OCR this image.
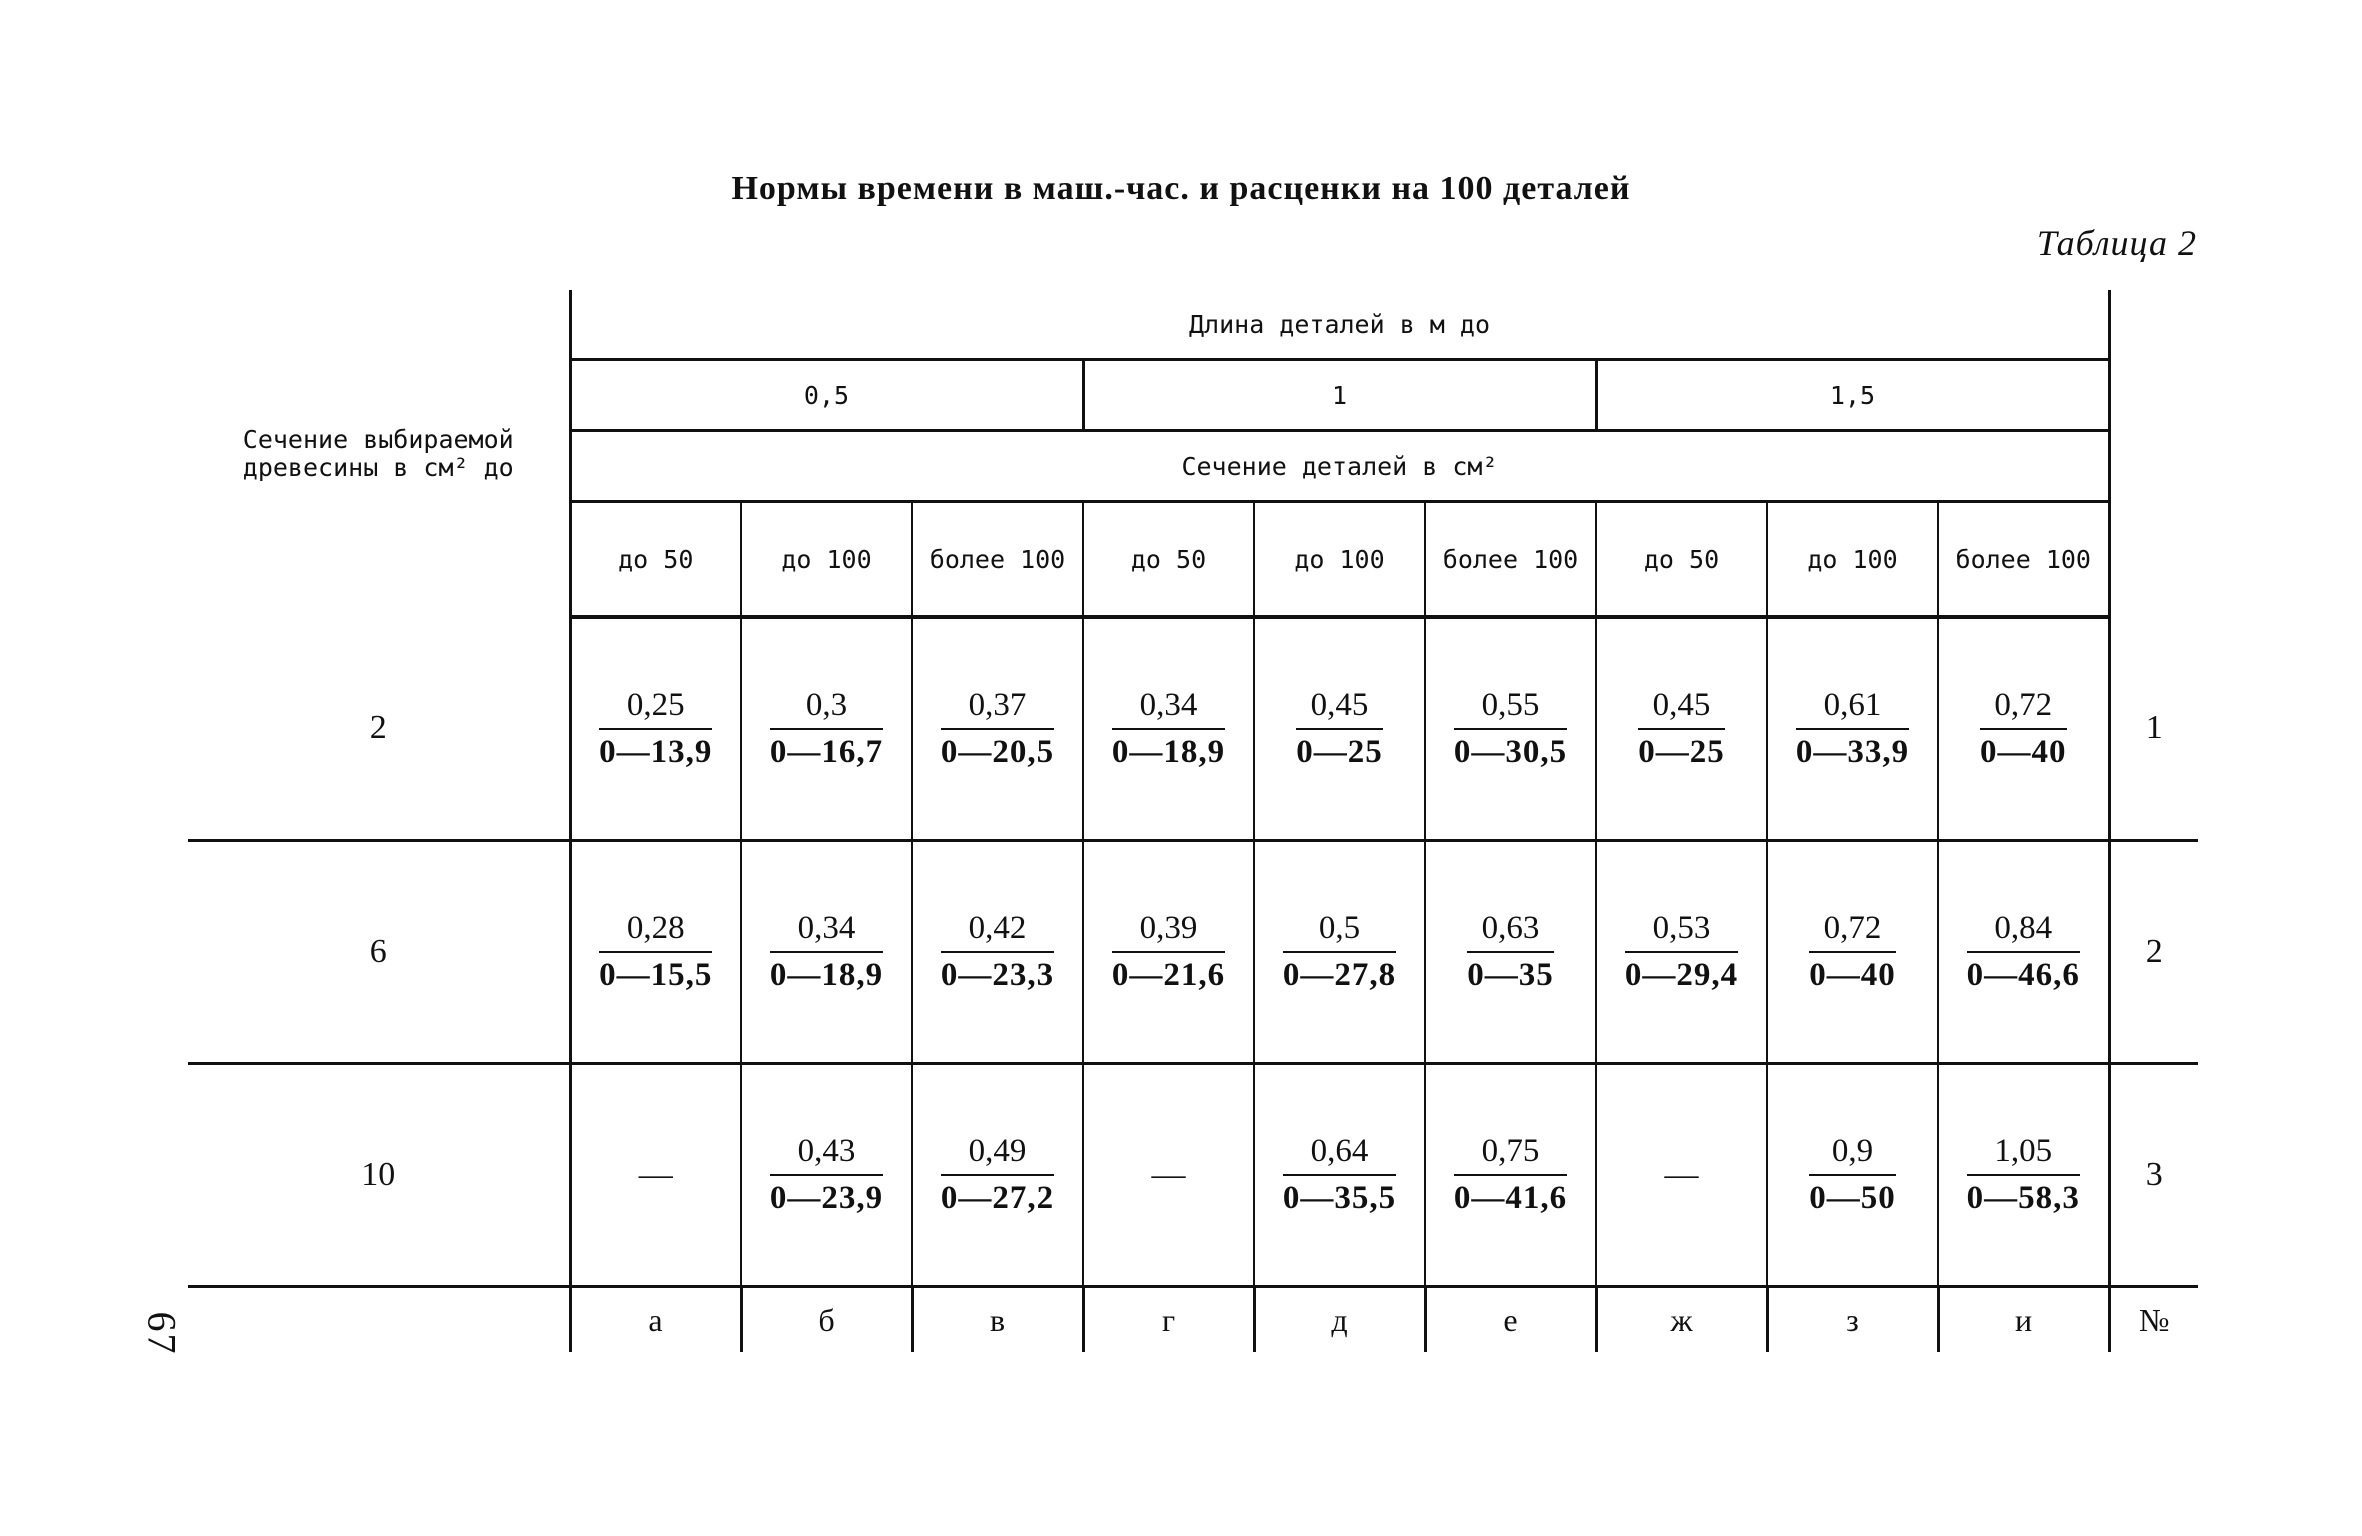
Нормы времени в маш.-час. и расценки на 100 деталей
Таблица 2
67
Сечение выбираемой древесины в см² до	Длина деталей в м до									
	0,5			1			1,5			
	Сечение деталей в см²									
	до 50	до 100	более 100	до 50	до 100	более 100	до 50	до 100	более 100	
2	$\frac{0,25}{0—13,9}$	$\frac{0,3}{0—16,7}$	$\frac{0,37}{0—20,5}$	$\frac{0,34}{0—18,9}$	$\frac{0,45}{0—25}$	$\frac{0,55}{0—30,5}$	$\frac{0,45}{0—25}$	$\frac{0,61}{0—33,9}$	$\frac{0,72}{0—40}$	1
6	$\frac{0,28}{0—15,5}$	$\frac{0,34}{0—18,9}$	$\frac{0,42}{0—23,3}$	$\frac{0,39}{0—21,6}$	$\frac{0,5}{0—27,8}$	$\frac{0,63}{0—35}$	$\frac{0,53}{0—29,4}$	$\frac{0,72}{0—40}$	$\frac{0,84}{0—46,6}$	2
10	—	$\frac{0,43}{0—23,9}$	$\frac{0,49}{0—27,2}$	—	$\frac{0,64}{0—35,5}$	$\frac{0,75}{0—41,6}$	—	$\frac{0,9}{0—50}$	$\frac{1,05}{0—58,3}$	3
	а	б	в	г	д	е	ж	з	и	№
